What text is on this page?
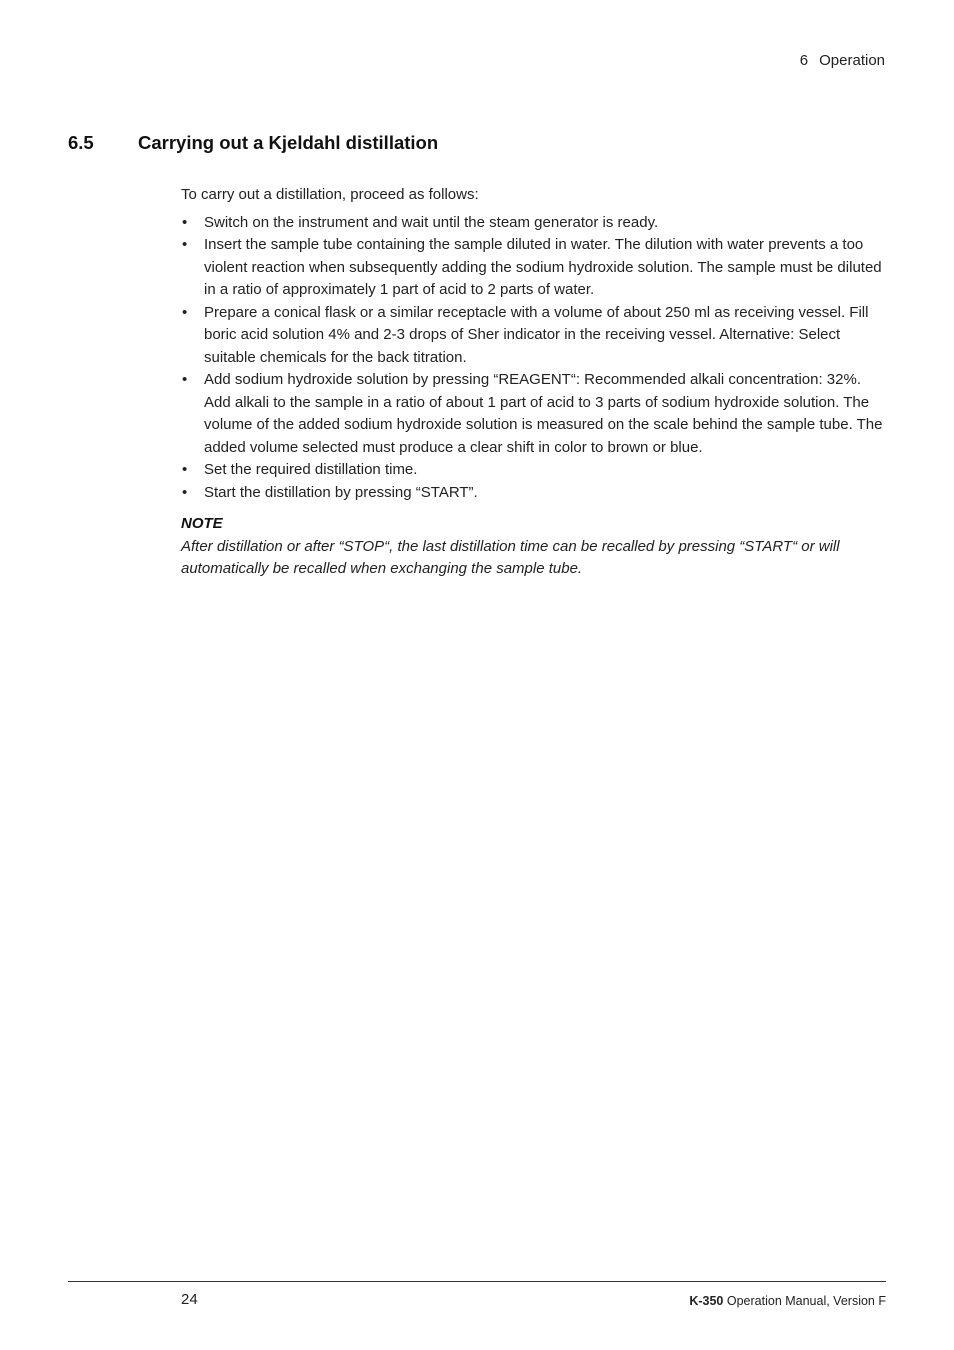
6 Operation
6.5 Carrying out a Kjeldahl distillation

To carry out a distillation, proceed as follows:

• Switch on the instrument and wait until the steam generator is ready.
• Insert the sample tube containing the sample diluted in water. The dilution with water prevents a too violent reaction when subsequently adding the sodium hydroxide solution. The sample must be diluted in a ratio of approximately 1 part of acid to 2 parts of water.
• Prepare a conical flask or a similar receptacle with a volume of about 250 ml as receiving vessel. Fill boric acid solution 4% and 2-3 drops of Sher indicator in the receiving vessel. Alternative: Select suitable chemicals for the back titration.
• Add sodium hydroxide solution by pressing “REAGENT“: Recommended alkali concentration: 32%. Add alkali to the sample in a ratio of about 1 part of acid to 3 parts of sodium hydroxide solution. The volume of the added sodium hydroxide solution is measured on the scale behind the sample tube. The added volume selected must produce a clear shift in color to brown or blue.
• Set the required distillation time.
• Start the distillation by pressing “START”.
NOTE

After distillation or after “STOP“, the last distillation time can be recalled by pressing “START“ or will automatically be recalled when exchanging the sample tube.

24	K-350 Operation Manual, Version F
